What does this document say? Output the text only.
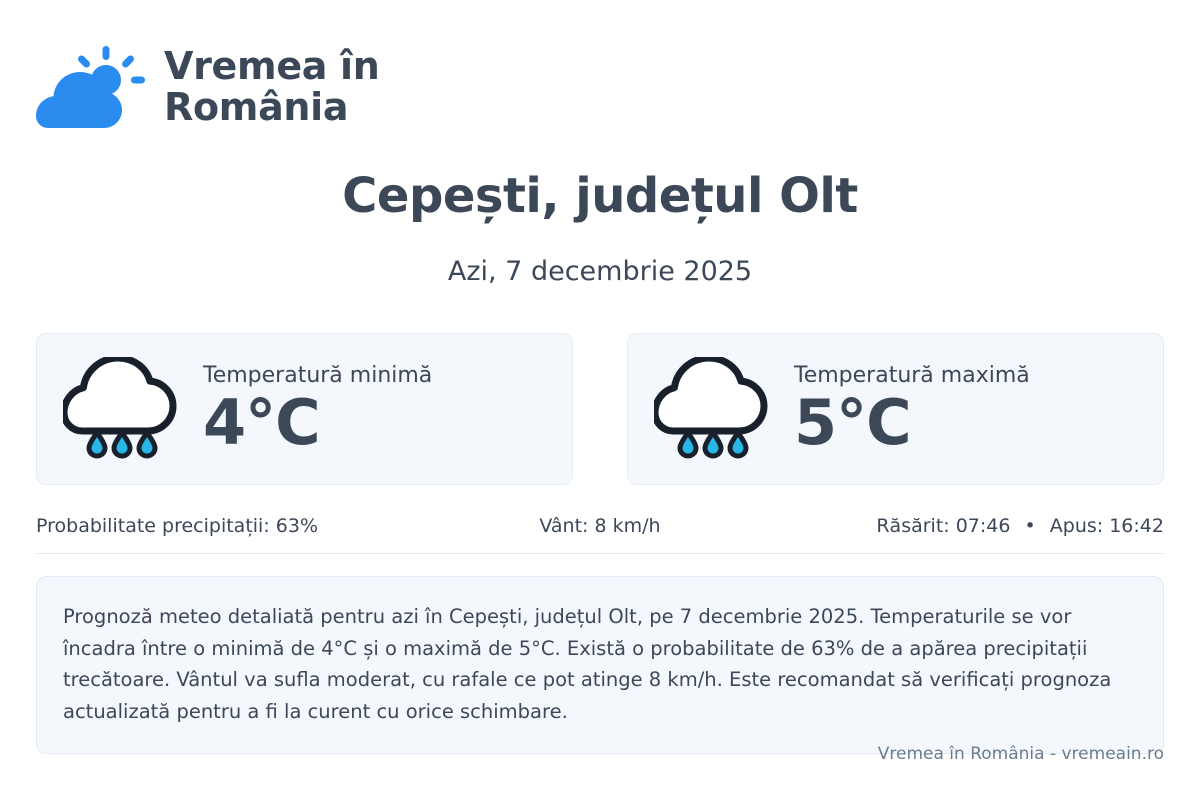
Vremea în România
Cepești, județul Olt
Azi, 7 decembrie 2025
Temperatură minimă
4°C
Temperatură maximă
5°C
Probabilitate precipitații: 63%	Vânt: 8 km/h	Răsărit: 07:46 • Apus: 16:42
Prognoză meteo detaliată pentru azi în Cepești, județul Olt, pe 7 decembrie 2025. Temperaturile se vor încadra între o minimă de 4°C și o maximă de 5°C. Există o probabilitate de 63% de a apărea precipitații trecătoare. Vântul va sufla moderat, cu rafale ce pot atinge 8 km/h. Este recomandat să verificați prognoza actualizată pentru a fi la curent cu orice schimbare.
Vremea în România - vremeain.ro
